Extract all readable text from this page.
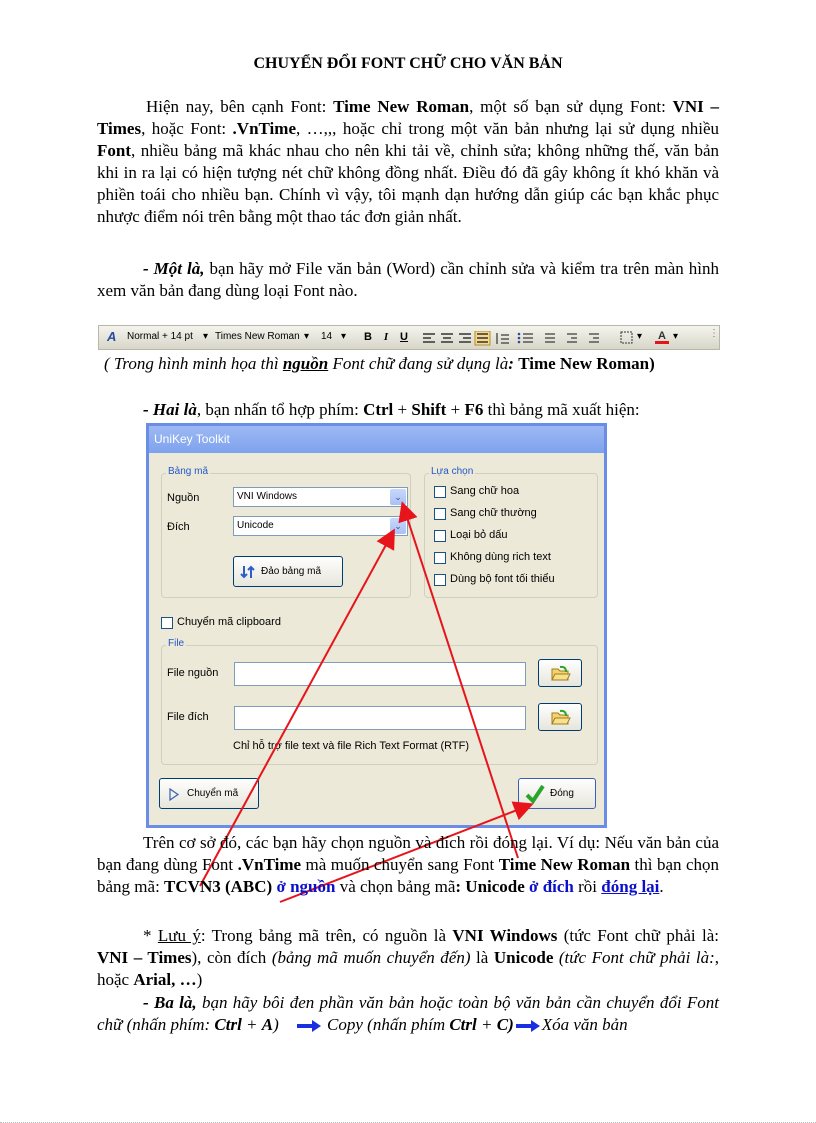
CHUYỂN ĐỔI FONT CHỮ CHO VĂN BẢN
Hiện nay, bên cạnh Font: Time New Roman, một số bạn sử dụng Font: VNI – Times, hoặc Font: .VnTime, …,,, hoặc chỉ trong một văn bản nhưng lại sử dụng nhiều Font, nhiều bảng mã khác nhau cho nên khi tải về, chỉnh sửa; không những thế, văn bản khi in ra lại có hiện tượng nét chữ không đồng nhất. Điều đó đã gây không ít khó khăn và phiền toái cho nhiều bạn. Chính vì vậy, tôi mạnh dạn hướng dẫn giúp các bạn khắc phục nhược điểm nói trên bằng một thao tác đơn giản nhất.
- Một là, bạn hãy mở File văn bản (Word) cần chỉnh sửa và kiểm tra trên màn hình xem văn bản đang dùng loại Font nào.
A Normal + 14 pt ▾ Times New Roman ▾ 14 ▾ B	I	U	▾ A ▾	⋮
( Trong hình minh họa thì nguồn Font chữ đang sử dụng là: Time New Roman)
- Hai là, bạn nhấn tổ hợp phím: Ctrl + Shift + F6 thì bảng mã xuất hiện:
UniKey Toolkit
Bảng mã
Nguồn	VNI Windows	⌄
Đích	Unicode	⌄
Đảo bảng mã
Lựa chọn
Sang chữ hoa
Sang chữ thường
Loại bỏ dấu
Không dùng rich text
Dùng bộ font tối thiểu
Chuyển mã clipboard
File
File nguồn
File đích
Chỉ hỗ trợ file text và file Rich Text Format (RTF)
Chuyển mã	Đóng
Trên cơ sở đó, các bạn hãy chọn nguồn và đích rồi đóng lại. Ví dụ: Nếu văn bản của bạn đang dùng Font .VnTime mà muốn chuyển sang Font Time New Roman thì bạn chọn bảng mã: TCVN3 (ABC) ở nguồn và chọn bảng mã: Unicode ở đích rồi đóng lại.
* Lưu ý: Trong bảng mã trên, có nguồn là VNI Windows (tức Font chữ phải là: VNI – Times), còn đích (bảng mã muốn chuyển đến) là Unicode (tức Font chữ phải là:, hoặc Arial, …)
- Ba là, bạn hãy bôi đen phần văn bản hoặc toàn bộ văn bản cần chuyển đổi Font chữ (nhấn phím: Ctrl + A)	Copy (nhấn phím Ctrl + C) Xóa văn bản
